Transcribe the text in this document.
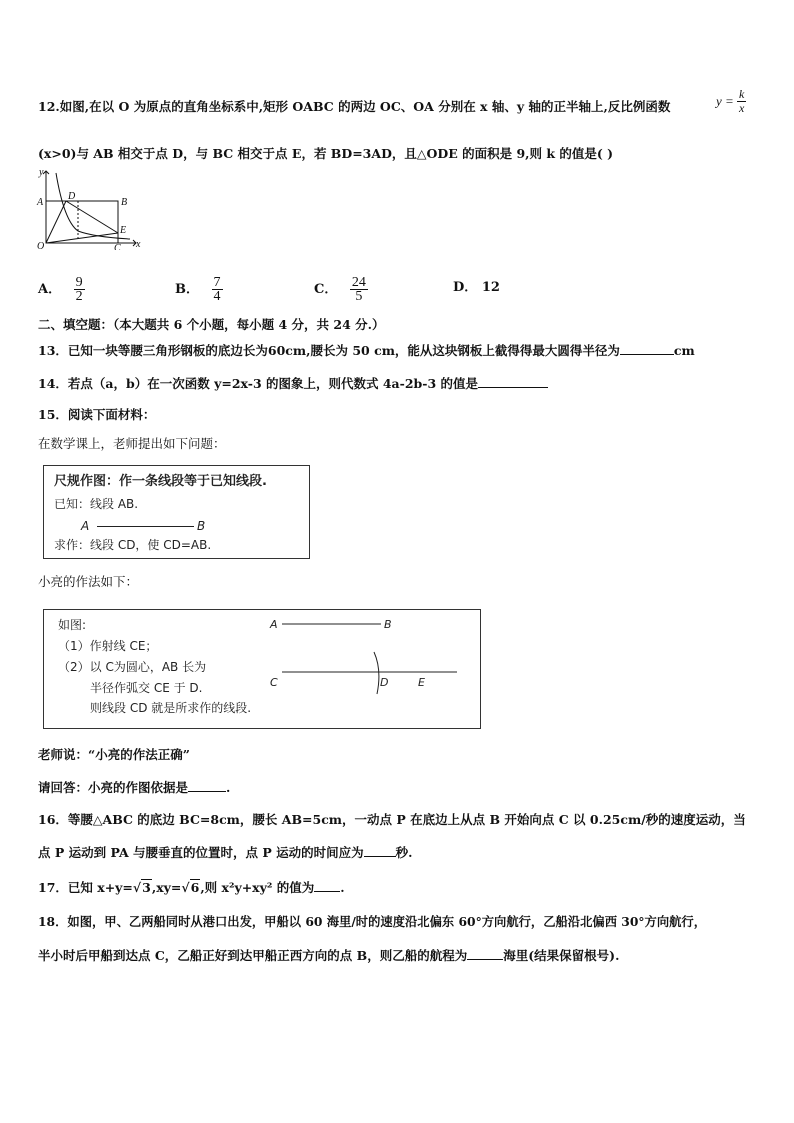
12.如图,在以 O 为原点的直角坐标系中,矩形 OABC 的两边 OC、OA 分别在 x 轴、y 轴的正半轴上,反比例函数	$y = \frac{k}{x}$
(x>0)与 AB 相交于点 D，与 BC 相交于点 E，若 BD=3AD，且△ODE 的面积是 9,则 k 的值是( )
y
A
D
B
E
O	C x
A． $\frac{9}{2}$	B． $\frac{7}{4}$	C． $\frac{24}{5}$	D． 12
二、填空题：（本大题共 6 个小题，每小题 4 分，共 24 分.）
13．已知一块等腰三角形钢板的底边长为60cm,腰长为 50 cm，能从这块钢板上截得得最大圆得半径为	cm
14．若点（a，b）在一次函数 y=2x-3 的图象上，则代数式 4a-2b-3 的值是
15．阅读下面材料：
在数学课上，老师提出如下问题：
尺规作图：作一条线段等于已知线段.
已知：线段 AB.
A	B
求作：线段 CD，使 CD=AB.
小亮的作法如下：
如图:
（1）作射线 CE；
（2）以 C为圆心，AB 长为
半径作弧交 CE 于 D.
则线段 CD 就是所求作的线段.
A	B
C	D	E
老师说：“小亮的作法正确”
请回答：小亮的作图依据是	.
16．等腰△ABC 的底边 BC=8cm，腰长 AB=5cm，一动点 P 在底边上从点 B 开始向点 C 以 0.25cm/秒的速度运动，当
点 P 运动到 PA 与腰垂直的位置时，点 P 运动的时间应为	秒.
17．已知 x+y=√3,xy=√6,则 x²y+xy² 的值为 .
18．如图，甲、乙两船同时从港口出发，甲船以 60 海里/时的速度沿北偏东 60°方向航行，乙船沿北偏西 30°方向航行，
半小时后甲船到达点 C，乙船正好到达甲船正西方向的点 B，则乙船的航程为	海里(结果保留根号).
